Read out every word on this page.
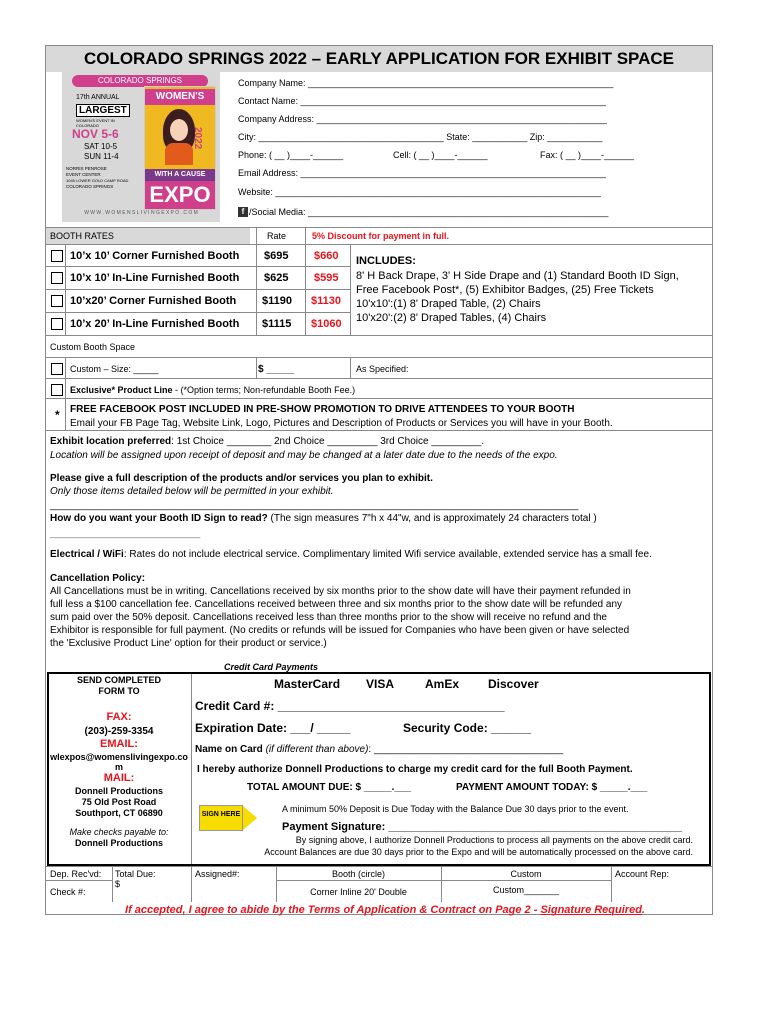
COLORADO SPRINGS 2022 – EARLY APPLICATION FOR EXHIBIT SPACE
COLORADO SPRINGS
17th ANNUAL
LARGEST
WOMEN'S EVENT IN COLORADO
NOV 5-6
SAT 10-5
SUN 11-4
NORRIS PENROSE
EVENT CENTER
1045 LOWER GOLD CAMP ROAD
COLORADO SPRINGS
WOMEN'S
2022
WITH A CAUSE
EXPO
W W W . W O M E N S L I V I N G E X P O . C O M
Company Name: _____________________________________________________________
Contact Name: _____________________________________________________________
Company Address: __________________________________________________________
City: _____________________________________ State: ___________ Zip: ___________
Phone: ( __ )____-______	Cell: ( __ )____-______	Fax: ( __ )____-______
Email Address: _____________________________________________________________
Website: _________________________________________________________________
f /Social Media: ____________________________________________________________
BOOTH RATES	Rate	5% Discount for payment in full.
10’x 10’ Corner Furnished Booth $695 $660
10’x 10’ In-Line Furnished Booth $625 $595
10’x20’ Corner Furnished Booth $1190 $1130
10’x 20’ In-Line Furnished Booth $1115 $1060
INCLUDES:
8' H Back Drape, 3' H Side Drape and (1) Standard Booth ID Sign,
Free Facebook Post*, (5) Exhibitor Badges, (25) Free Tickets
10'x10':(1) 8' Draped Table, (2) Chairs
10'x20':(2) 8' Draped Tables, (4) Chairs
Custom Booth Space
Custom – Size: _____	$ _____	As Specified:
Exclusive* Product Line - (*Option terms; Non-refundable Booth Fee.)
* FREE FACEBOOK POST INCLUDED IN PRE-SHOW PROMOTION TO DRIVE ATTENDEES TO YOUR BOOTH
Email your FB Page Tag, Website Link, Logo, Pictures and Description of Products or Services you will have in your Booth.
Exhibit location preferred: 1st Choice ________ 2nd Choice _________ 3rd Choice _________.
Location will be assigned upon receipt of deposit and may be changed at a later date due to the needs of the expo.
Please give a full description of the products and/or services you plan to exhibit.
Only those items detailed below will be permitted in your exhibit.
_______________________________________________________________________________________________
How do you want your Booth ID Sign to read? (The sign measures 7"h x 44"w, and is approximately 24 characters total )
___________________________
Electrical / WiFi: Rates do not include electrical service. Complimentary limited Wifi service available, extended service has a small fee.
Cancellation Policy:
All Cancellations must be in writing. Cancellations received by six months prior to the show date will have their payment refunded in
full less a $100 cancellation fee. Cancellations received between three and six months prior to the show date will be refunded any
sum paid over the 50% deposit. Cancellations received less than three months prior to the show will receive no refund and the
Exhibitor is responsible for full payment. (No credits or refunds will be issued for Companies who have been given or have selected
the 'Exclusive Product Line' option for their product or service.)
Credit Card Payments
SEND COMPLETED
FORM TO
FAX:
(203)-259-3354
EMAIL:
wlexpos@womenslivingexpo.co
m
MAIL:
Donnell Productions
75 Old Post Road
Southport, CT 06890
Make checks payable to:
Donnell Productions
MasterCard VISA	AmEx Discover
Credit Card #: __________________________________
Expiration Date: ___/ _____	Security Code: ______
Name on Card (if different than above): __________________________________
I hereby authorize Donnell Productions to charge my credit card for the full Booth Payment.
TOTAL AMOUNT DUE: $ _____.___	PAYMENT AMOUNT TODAY: $ _____.___
SIGN HERE
A minimum 50% Deposit is Due Today with the Balance Due 30 days prior to the event.
Payment Signature: ________________________________________________
By signing above, I authorize Donnell Productions to process all payments on the above credit card.
Account Balances are due 30 days prior to the Expo and will be automatically processed on the above card.
Dep. Rec'vd:
Check #:
Total Due:
$
Assigned#:	Booth (circle)
Corner Inline 20' Double
Custom
Custom_______
Account Rep:
If accepted, I agree to abide by the Terms of Application & Contract on Page 2 - Signature Required.
